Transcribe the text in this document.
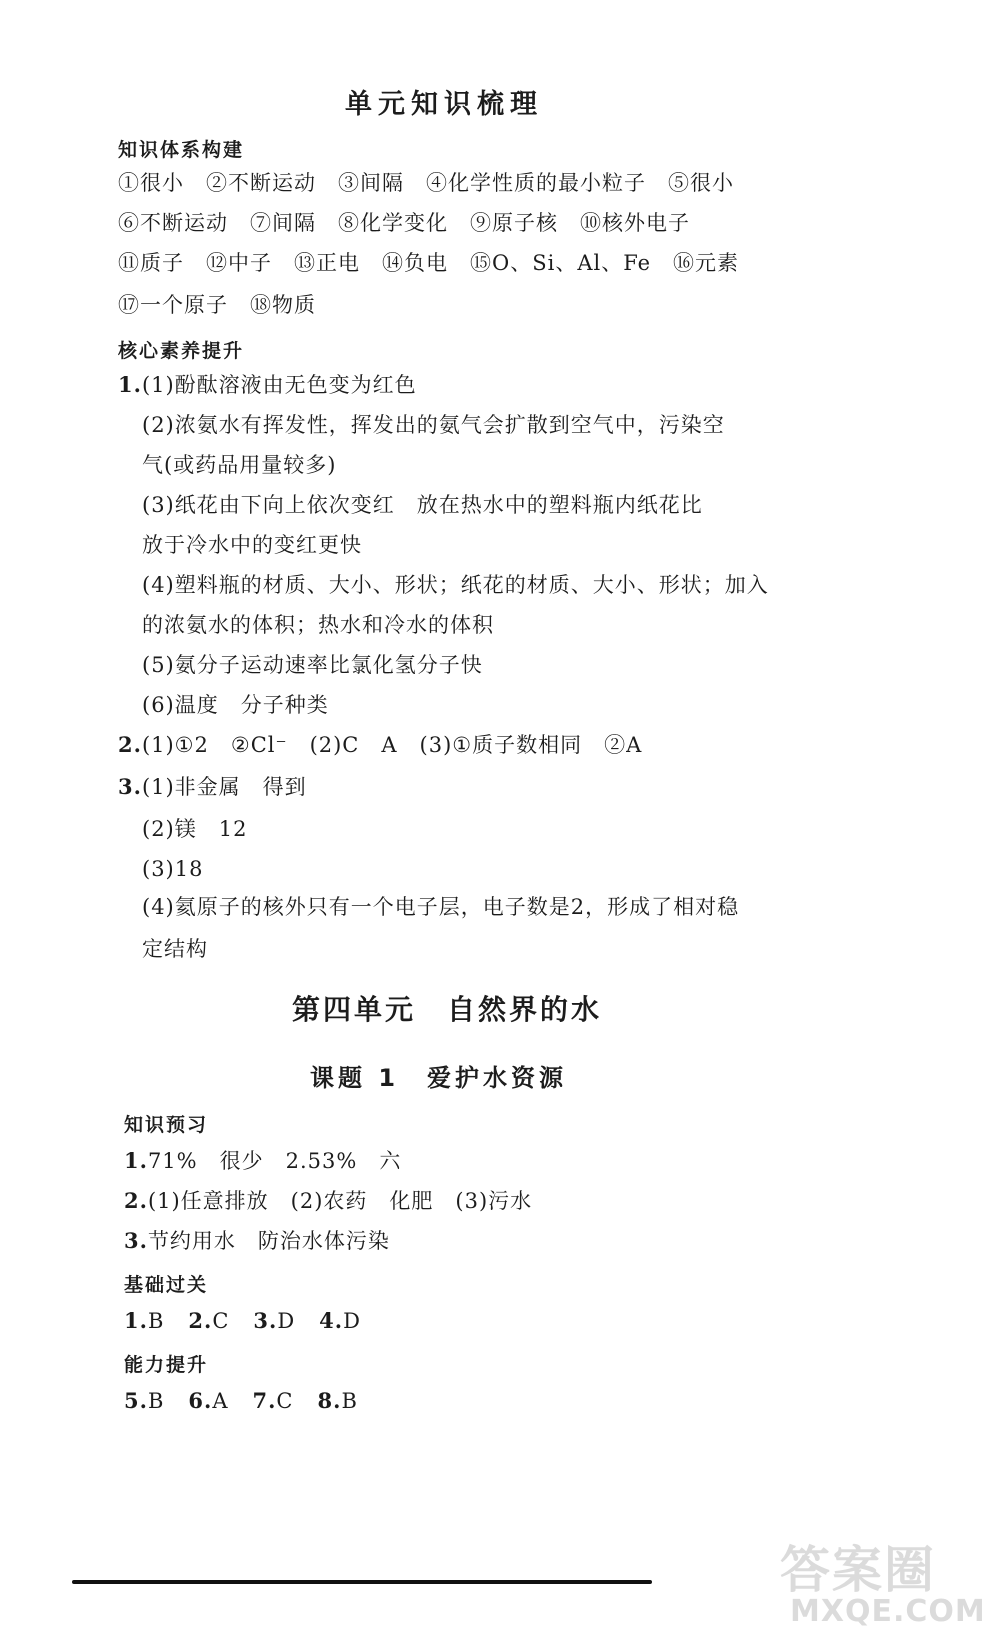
单元知识梳理
知识体系构建
①很小　②不断运动　③间隔　④化学性质的最小粒子　⑤很小
⑥不断运动　⑦间隔　⑧化学变化　⑨原子核　⑩核外电子
⑪质子　⑫中子　⑬正电　⑭负电　⑮O、Si、Al、Fe　⑯元素
⑰一个原子　⑱物质
核心素养提升
1.(1)酚酞溶液由无色变为红色
(2)浓氨水有挥发性，挥发出的氨气会扩散到空气中，污染空
气(或药品用量较多)
(3)纸花由下向上依次变红　放在热水中的塑料瓶内纸花比
放于冷水中的变红更快
(4)塑料瓶的材质、大小、形状；纸花的材质、大小、形状；加入
的浓氨水的体积；热水和冷水的体积
(5)氨分子运动速率比氯化氢分子快
(6)温度　分子种类
2.(1)①2　②Cl⁻　(2)C　A　(3)①质子数相同　②A
3.(1)非金属　得到
(2)镁　12
(3)18
(4)氦原子的核外只有一个电子层，电子数是2，形成了相对稳
定结构
第四单元　自然界的水
课题 1　爱护水资源
知识预习
1.71%　很少　2.53%　六
2.(1)任意排放　(2)农药　化肥　(3)污水
3.节约用水　防治水体污染
基础过关
1.B 2.C 3.D 4.D
能力提升
5.B 6.A 7.C 8.B
答案圈
MXQE.COM
